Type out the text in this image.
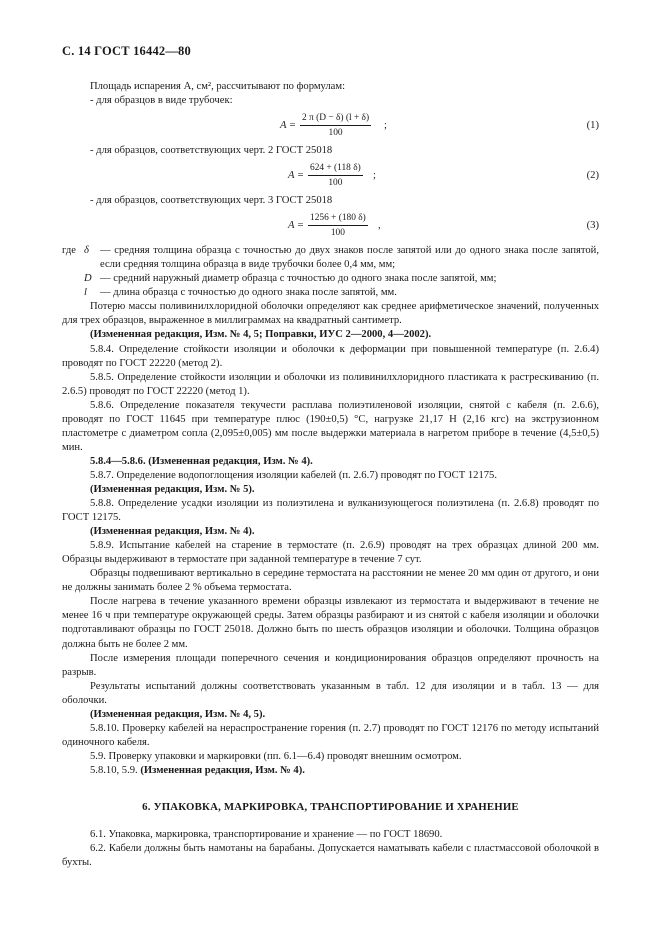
С. 14 ГОСТ 16442—80

Площадь испарения A, см², рассчитывают по формулам:

- для образцов в виде трубочек:

$A = \frac{2 \pi (D - \delta) (l + \delta)}{100}$ ;	(1)

- для образцов, соответствующих черт. 2 ГОСТ 25018

$A = \frac{624 + (118 \delta)}{100}$ ;	(2)

- для образцов, соответствующих черт. 3 ГОСТ 25018

$A = \frac{1256 + (180 \delta)}{100}$ ,	(3)
где δ — средняя толщина образца с точностью до двух знаков после запятой или до одного знака после запятой, если средняя толщина образца в виде трубочки более 0,4 мм, мм;
D — средний наружный диаметр образца с точностью до одного знака после запятой, мм;
l — длина образца с точностью до одного знака после запятой, мм.

Потерю массы поливинилхлоридной оболочки определяют как среднее арифметическое значений, полученных для трех образцов, выраженное в миллиграммах на квадратный сантиметр.

(Измененная редакция, Изм. № 4, 5; Поправки, ИУС 2—2000, 4—2002).

5.8.4. Определение стойкости изоляции и оболочки к деформации при повышенной температуре (п. 2.6.4) проводят по ГОСТ 22220 (метод 2).

5.8.5. Определение стойкости изоляции и оболочки из поливинилхлоридного пластиката к растрескиванию (п. 2.6.5) проводят по ГОСТ 22220 (метод 1).

5.8.6. Определение показателя текучести расплава полиэтиленовой изоляции, снятой с кабеля (п. 2.6.6), проводят по ГОСТ 11645 при температуре плюс (190±0,5) °С, нагрузке 21,17 Н (2,16 кгс) на экструзионном пластометре с диаметром сопла (2,095±0,005) мм после выдержки материала в нагретом приборе в течение (4,5±0,5) мин.

5.8.4—5.8.6. (Измененная редакция, Изм. № 4).

5.8.7. Определение водопоглощения изоляции кабелей (п. 2.6.7) проводят по ГОСТ 12175.

(Измененная редакция, Изм. № 5).

5.8.8. Определение усадки изоляции из полиэтилена и вулканизующегося полиэтилена (п. 2.6.8) проводят по ГОСТ 12175.

(Измененная редакция, Изм. № 4).

5.8.9. Испытание кабелей на старение в термостате (п. 2.6.9) проводят на трех образцах длиной 200 мм. Образцы выдерживают в термостате при заданной температуре в течение 7 сут.

Образцы подвешивают вертикально в середине термостата на расстоянии не менее 20 мм один от другого, и они не должны занимать более 2 % объема термостата.

После нагрева в течение указанного времени образцы извлекают из термостата и выдерживают в течение не менее 16 ч при температуре окружающей среды. Затем образцы разбирают и из снятой с кабеля изоляции и оболочки подготавливают образцы по ГОСТ 25018. Должно быть по шесть образцов изоляции и оболочки. Толщина образцов должна быть не более 2 мм.

После измерения площади поперечного сечения и кондиционирования образцов определяют прочность на разрыв.

Результаты испытаний должны соответствовать указанным в табл. 12 для изоляции и в табл. 13 — для оболочки.

(Измененная редакция, Изм. № 4, 5).

5.8.10. Проверку кабелей на нераспространение горения (п. 2.7) проводят по ГОСТ 12176 по методу испытаний одиночного кабеля.

5.9. Проверку упаковки и маркировки (пп. 6.1—6.4) проводят внешним осмотром.

5.8.10, 5.9. (Измененная редакция, Изм. № 4).

6. УПАКОВКА, МАРКИРОВКА, ТРАНСПОРТИРОВАНИЕ И ХРАНЕНИЕ

6.1. Упаковка, маркировка, транспортирование и хранение — по ГОСТ 18690.

6.2. Кабели должны быть намотаны на барабаны. Допускается наматывать кабели с пластмассовой оболочкой в бухты.
